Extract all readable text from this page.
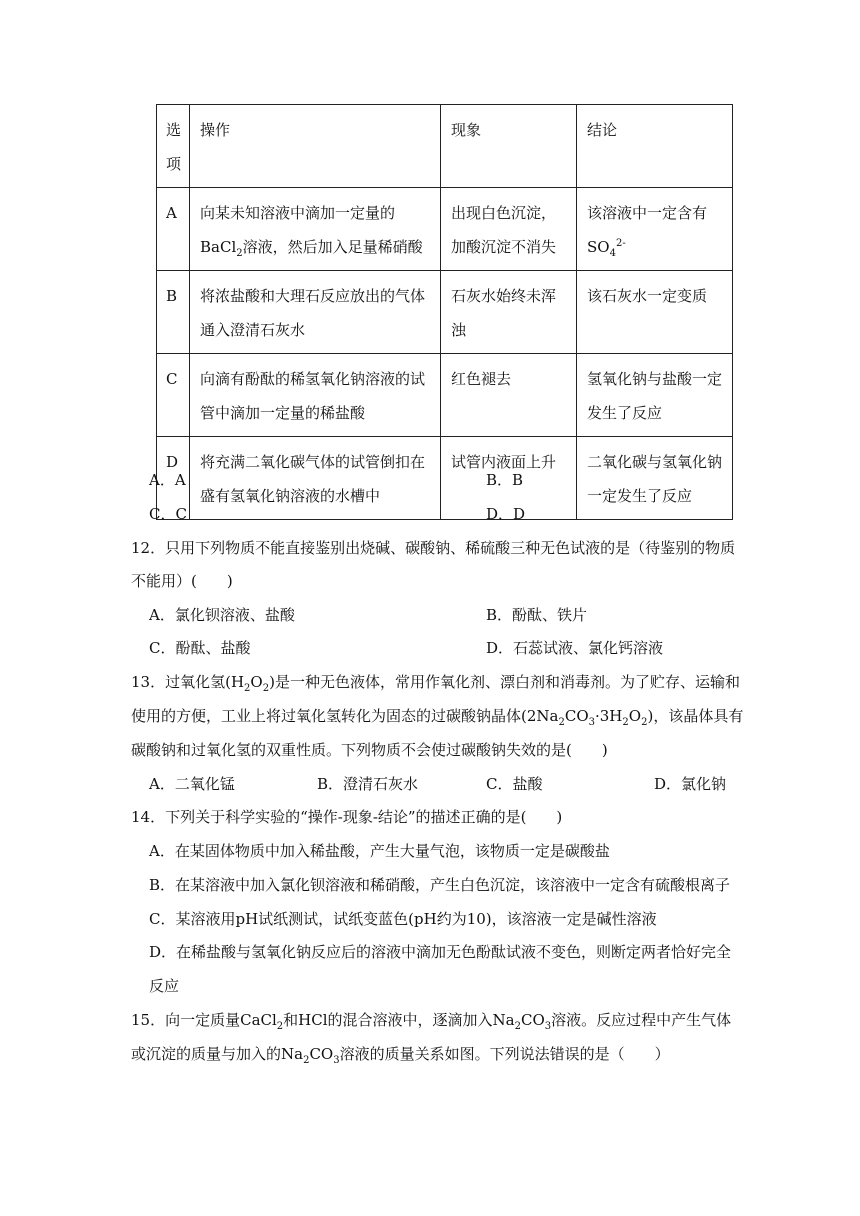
选项	操作	现象	结论
A	向某未知溶液中滴加一定量的BaCl$_2$溶液，然后加入足量稀硝酸	出现白色沉淀，加酸沉淀不消失	该溶液中一定含有$SO_4^{2-}$
B	将浓盐酸和大理石反应放出的气体通入澄清石灰水	石灰水始终未浑浊	该石灰水一定变质
C	向滴有酚酞的稀氢氧化钠溶液的试管中滴加一定量的稀盐酸	红色褪去	氢氧化钠与盐酸一定发生了反应
D	将充满二氧化碳气体的试管倒扣在盛有氢氧化钠溶液的水槽中	试管内液面上升	二氧化碳与氢氧化钠一定发生了反应
A．A	B．B
C．C	D．D
12．只用下列物质不能直接鉴别出烧碱、碳酸钠、稀硫酸三种无色试液的是（待鉴别的物质
不能用）(　　)
A．氯化钡溶液、盐酸	B．酚酞、铁片
C．酚酞、盐酸	D．石蕊试液、氯化钙溶液
13．过氧化氢$(H_2O_2)$是一种无色液体，常用作氧化剂、漂白剂和消毒剂。为了贮存、运输和
使用的方便，工业上将过氧化氢转化为固态的过碳酸钠晶体$(2Na_2CO_3\cdot 3H_2O_2)$，该晶体具有
碳酸钠和过氧化氢的双重性质。下列物质不会使过碳酸钠失效的是(　　)
A．二氧化锰	B．澄清石灰水	C．盐酸	D．氯化钠
14．下列关于科学实验的“操作-现象-结论”的描述正确的是(　　)
A．在某固体物质中加入稀盐酸，产生大量气泡，该物质一定是碳酸盐
B．在某溶液中加入氯化钡溶液和稀硝酸，产生白色沉淀，该溶液中一定含有硫酸根离子
C．某溶液用pH试纸测试，试纸变蓝色(pH约为10)，该溶液一定是碱性溶液
D．在稀盐酸与氢氧化钠反应后的溶液中滴加无色酚酞试液不变色，则断定两者恰好完全
反应
15．向一定质量CaCl$_2$和HCl的混合溶液中，逐滴加入$Na_2CO_3$溶液。反应过程中产生气体
或沉淀的质量与加入的$Na_2CO_3$溶液的质量关系如图。下列说法错误的是（　　）
